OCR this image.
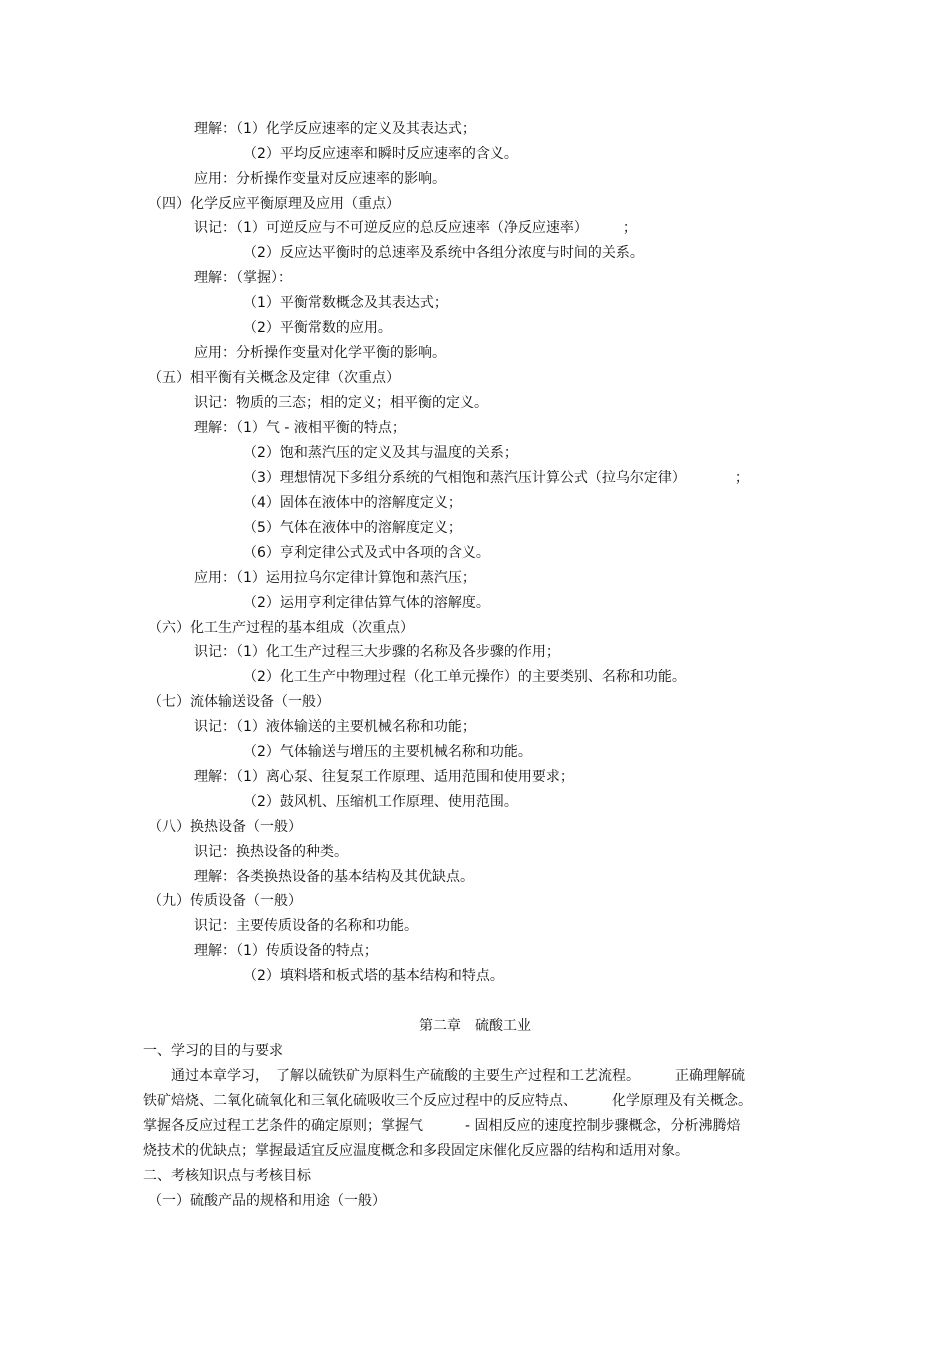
理解：（1）化学反应速率的定义及其表达式；
（2）平均反应速率和瞬时反应速率的含义。
应用：分析操作变量对反应速率的影响。
（四）化学反应平衡原理及应用（重点）
识记：（1）可逆反应与不可逆反应的总反应速率（净反应速率）　　　；
（2）反应达平衡时的总速率及系统中各组分浓度与时间的关系。
理解：（掌握）：
（1）平衡常数概念及其表达式；
（2）平衡常数的应用。
应用：分析操作变量对化学平衡的影响。
（五）相平衡有关概念及定律（次重点）
识记：物质的三态；相的定义；相平衡的定义。
理解：（1）气 - 液相平衡的特点；
（2）饱和蒸汽压的定义及其与温度的关系；
（3）理想情况下多组分系统的气相饱和蒸汽压计算公式（拉乌尔定律）　　　　；
（4）固体在液体中的溶解度定义；
（5）气体在液体中的溶解度定义；
（6）亨利定律公式及式中各项的含义。
应用：（1）运用拉乌尔定律计算饱和蒸汽压；
（2）运用亨利定律估算气体的溶解度。
（六）化工生产过程的基本组成（次重点）
识记：（1）化工生产过程三大步骤的名称及各步骤的作用；
（2）化工生产中物理过程（化工单元操作）的主要类别、名称和功能。
（七）流体输送设备（一般）
识记：（1）液体输送的主要机械名称和功能；
（2）气体输送与增压的主要机械名称和功能。
理解：（1）离心泵、往复泵工作原理、适用范围和使用要求；
（2）鼓风机、压缩机工作原理、使用范围。
（八）换热设备（一般）
识记：换热设备的种类。
理解：各类换热设备的基本结构及其优缺点。
（九）传质设备（一般）
识记：主要传质设备的名称和功能。
理解：（1）传质设备的特点；
（2）填料塔和板式塔的基本结构和特点。
第二章　硫酸工业
一、学习的目的与要求
　　通过本章学习，　了解以硫铁矿为原料生产硫酸的主要生产过程和工艺流程。　　　正确理解硫
铁矿焙烧、二氧化硫氧化和三氧化硫吸收三个反应过程中的反应特点、　　　化学原理及有关概念。
掌握各反应过程工艺条件的确定原则；掌握气　　　- 固相反应的速度控制步骤概念，分析沸腾焙
烧技术的优缺点；掌握最适宜反应温度概念和多段固定床催化反应器的结构和适用对象。
二、考核知识点与考核目标
（一）硫酸产品的规格和用途（一般）
